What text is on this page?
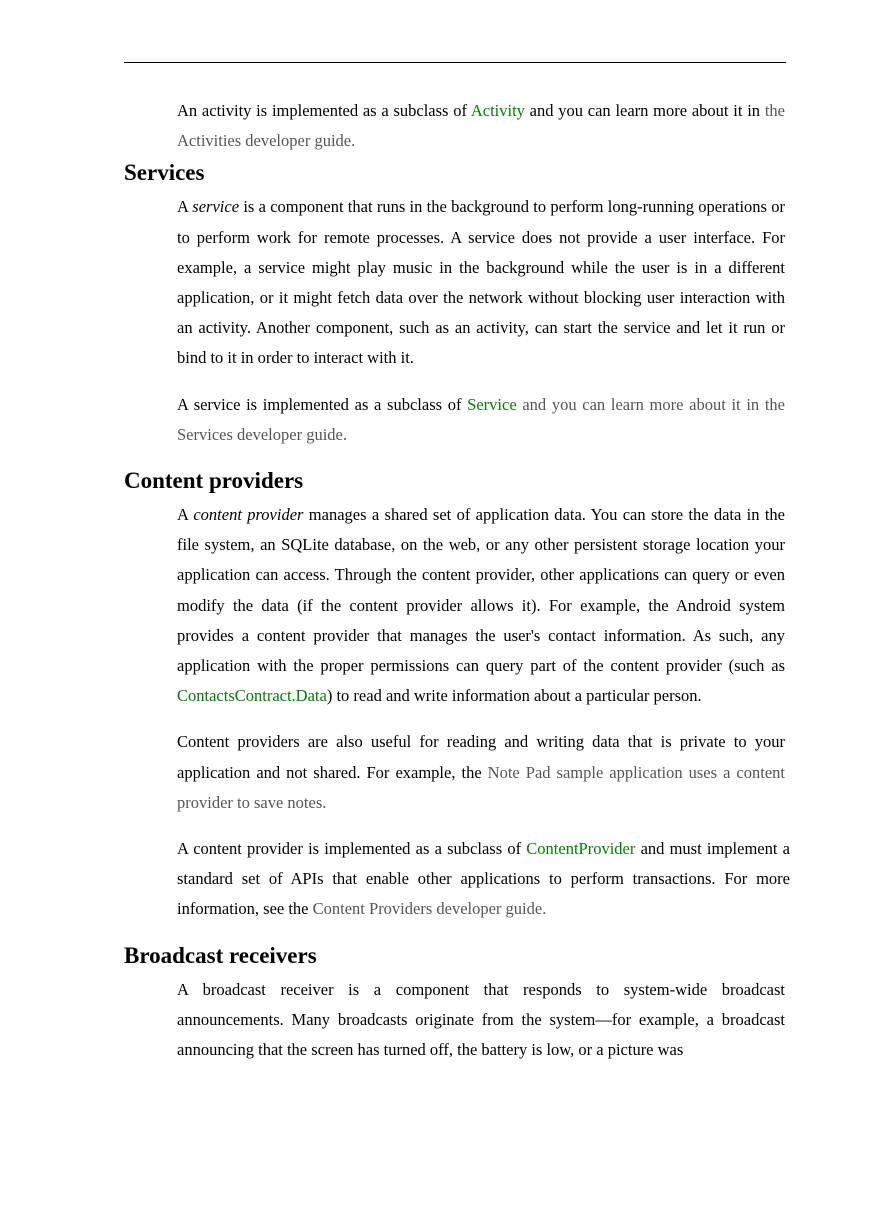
An activity is implemented as a subclass of Activity and you can learn more about it in the Activities developer guide.

Services

A service is a component that runs in the background to perform long-running operations or to perform work for remote processes. A service does not provide a user interface. For example, a service might play music in the background while the user is in a different application, or it might fetch data over the network without blocking user interaction with an activity. Another component, such as an activity, can start the service and let it run or bind to it in order to interact with it.

A service is implemented as a subclass of Service and you can learn more about it in the Services developer guide.

Content providers

A content provider manages a shared set of application data. You can store the data in the file system, an SQLite database, on the web, or any other persistent storage location your application can access. Through the content provider, other applications can query or even modify the data (if the content provider allows it). For example, the Android system provides a content provider that manages the user's contact information. As such, any application with the proper permissions can query part of the content provider (such as ContactsContract.Data) to read and write information about a particular person.

Content providers are also useful for reading and writing data that is private to your application and not shared. For example, the Note Pad sample application uses a content provider to save notes.

A content provider is implemented as a subclass of ContentProvider and must implement a standard set of APIs that enable other applications to perform transactions. For more information, see the Content Providers developer guide.

Broadcast receivers

A broadcast receiver is a component that responds to system-wide broadcast announcements. Many broadcasts originate from the system—for example, a broadcast announcing that the screen has turned off, the battery is low, or a picture was
